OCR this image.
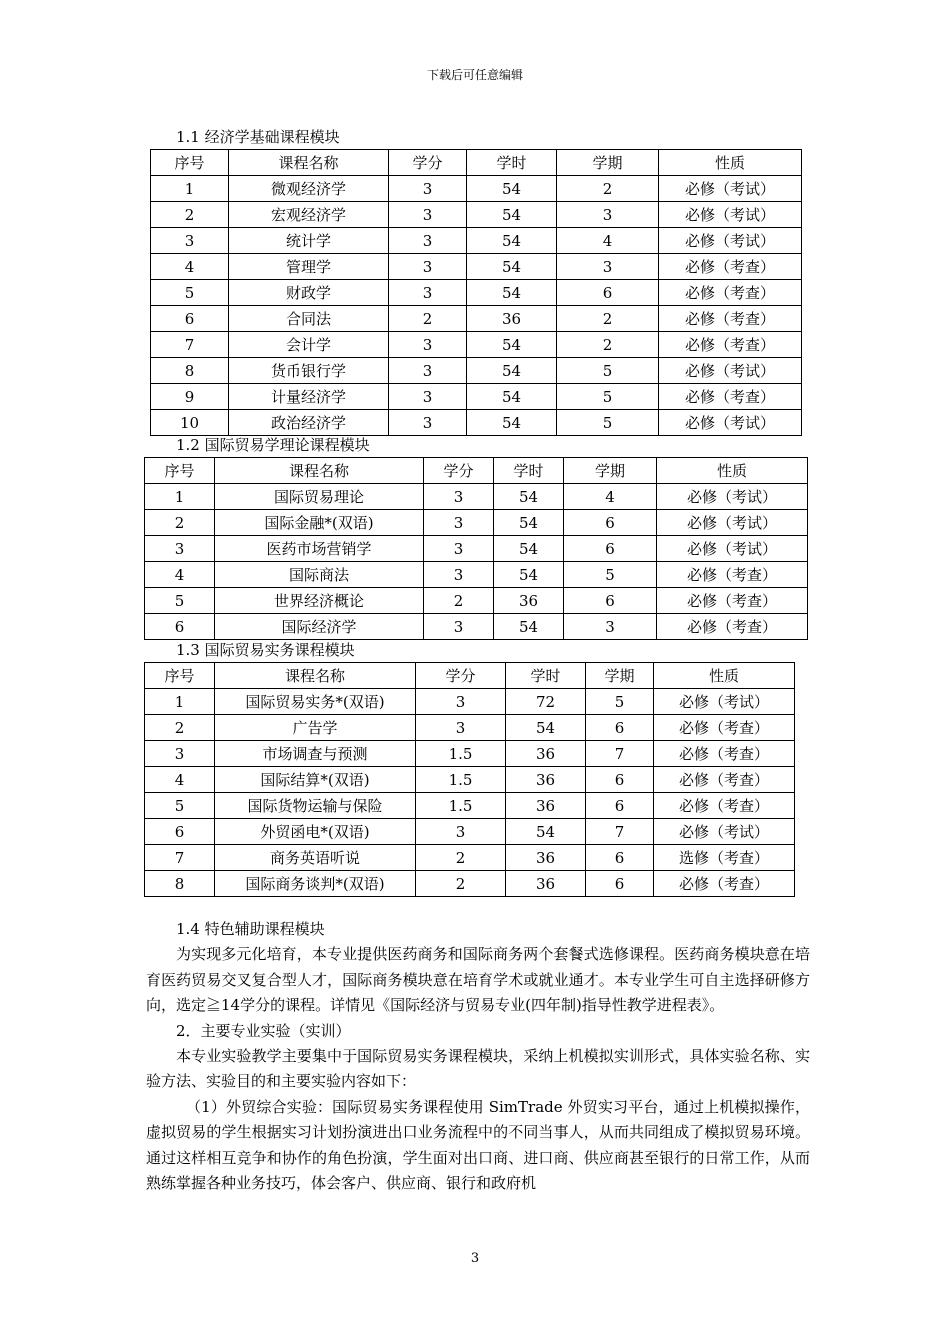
下载后可任意编辑
1.1 经济学基础课程模块
序号	课程名称	学分	学时	学期	性质
1	微观经济学	3	54	2	必修（考试）
2	宏观经济学	3	54	3	必修（考试）
3	统计学	3	54	4	必修（考试）
4	管理学	3	54	3	必修（考查）
5	财政学	3	54	6	必修（考查）
6	合同法	2	36	2	必修（考查）
7	会计学	3	54	2	必修（考查）
8	货币银行学	3	54	5	必修（考试）
9	计量经济学	3	54	5	必修（考查）
10	政治经济学	3	54	5	必修（考试）
1.2 国际贸易学理论课程模块
序号	课程名称	学分	学时	学期	性质
1	国际贸易理论	3	54	4	必修（考试）
2	国际金融*(双语)	3	54	6	必修（考试）
3	医药市场营销学	3	54	6	必修（考试）
4	国际商法	3	54	5	必修（考查）
5	世界经济概论	2	36	6	必修（考查）
6	国际经济学	3	54	3	必修（考查）
1.3 国际贸易实务课程模块
序号	课程名称	学分	学时	学期	性质
1	国际贸易实务*(双语)	3	72	5	必修（考试）
2	广告学	3	54	6	必修（考查）
3	市场调查与预测	1.5	36	7	必修（考查）
4	国际结算*(双语)	1.5	36	6	必修（考查）
5	国际货物运输与保险	1.5	36	6	必修（考查）
6	外贸函电*(双语)	3	54	7	必修（考试）
7	商务英语听说	2	36	6	选修（考查）
8	国际商务谈判*(双语)	2	36	6	必修（考查）

1.4 特色辅助课程模块

为实现多元化培育，本专业提供医药商务和国际商务两个套餐式选修课程。医药商务模块意在培育医药贸易交叉复合型人才，国际商务模块意在培育学术或就业通才。本专业学生可自主选择研修方向，选定≧14学分的课程。详情见《国际经济与贸易专业(四年制)指导性教学进程表》。

2．主要专业实验（实训）

本专业实验教学主要集中于国际贸易实务课程模块，采纳上机模拟实训形式，具体实验名称、实验方法、实验目的和主要实验内容如下：

（1）外贸综合实验：国际贸易实务课程使用 SimTrade 外贸实习平台，通过上机模拟操作，虚拟贸易的学生根据实习计划扮演进出口业务流程中的不同当事人，从而共同组成了模拟贸易环境。通过这样相互竞争和协作的角色扮演，学生面对出口商、进口商、供应商甚至银行的日常工作，从而熟练掌握各种业务技巧，体会客户、供应商、银行和政府机

3
